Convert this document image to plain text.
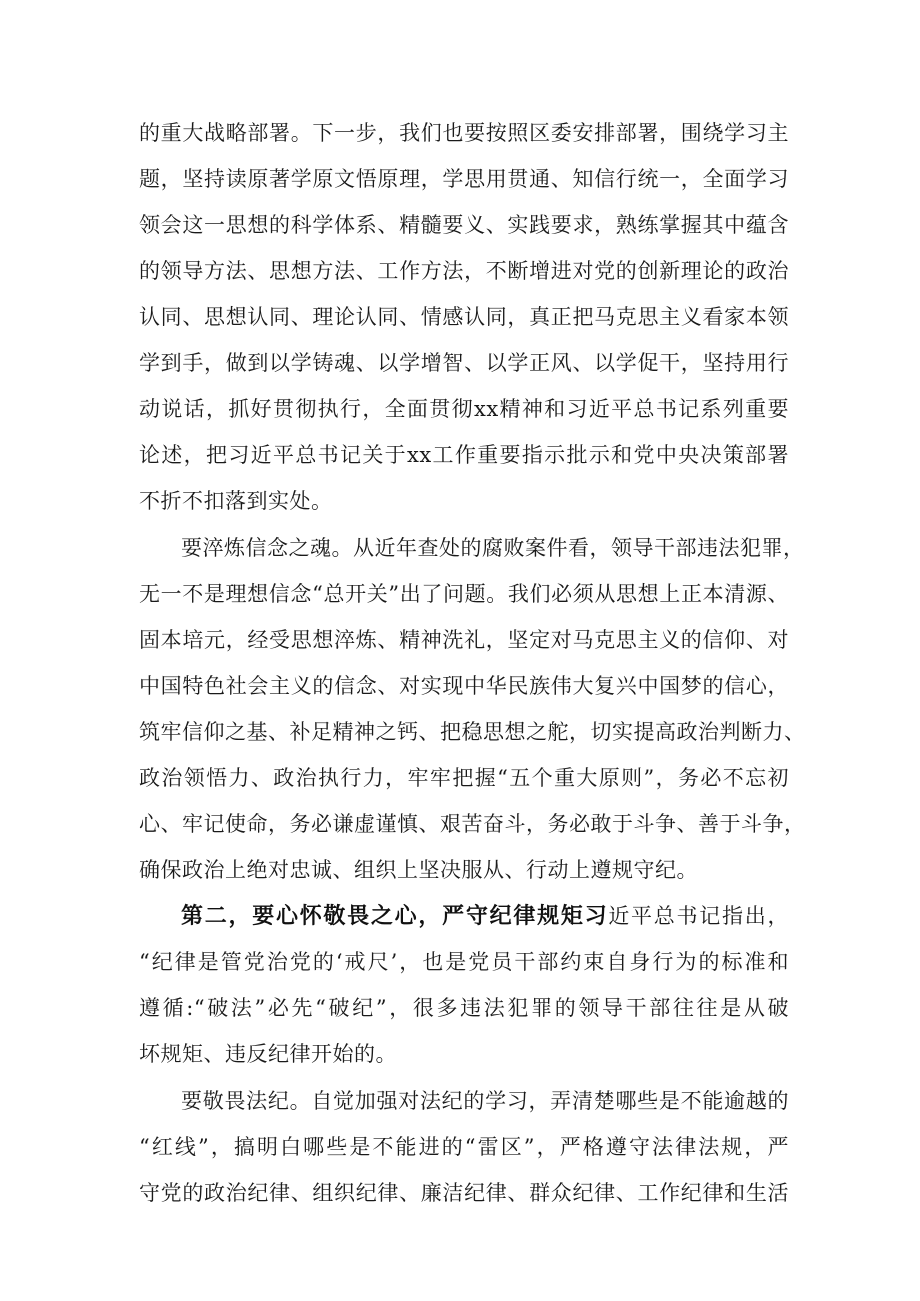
的重大战略部署。下一步，我们也要按照区委安排部署，围绕学习主
题，坚持读原著学原文悟原理，学思用贯通、知信行统一，全面学习
领会这一思想的科学体系、精髓要义、实践要求，熟练掌握其中蕴含
的领导方法、思想方法、工作方法，不断增进对党的创新理论的政治
认同、思想认同、理论认同、情感认同，真正把马克思主义看家本领
学到手，做到以学铸魂、以学增智、以学正风、以学促干，坚持用行
动说话，抓好贯彻执行，全面贯彻xx精神和习近平总书记系列重要
论述，把习近平总书记关于xx工作重要指示批示和党中央决策部署
不折不扣落到实处。
要淬炼信念之魂。从近年查处的腐败案件看，领导干部违法犯罪，
无一不是理想信念“总开关”出了问题。我们必须从思想上正本清源、
固本培元，经受思想淬炼、精神洗礼，坚定对马克思主义的信仰、对
中国特色社会主义的信念、对实现中华民族伟大复兴中国梦的信心，
筑牢信仰之基、补足精神之钙、把稳思想之舵，切实提高政治判断力、
政治领悟力、政治执行力，牢牢把握“五个重大原则”，务必不忘初
心、牢记使命，务必谦虚谨慎、艰苦奋斗，务必敢于斗争、善于斗争，
确保政治上绝对忠诚、组织上坚决服从、行动上遵规守纪。
第二，要心怀敬畏之心，严守纪律规矩习近平总书记指出，
“纪律是管党治党的‘戒尺’，也是党员干部约束自身行为的标准和
遵循:“破法”必先“破纪”，很多违法犯罪的领导干部往往是从破
坏规矩、违反纪律开始的。
要敬畏法纪。自觉加强对法纪的学习，弄清楚哪些是不能逾越的
“红线”，搞明白哪些是不能进的“雷区”，严格遵守法律法规，严
守党的政治纪律、组织纪律、廉洁纪律、群众纪律、工作纪律和生活
